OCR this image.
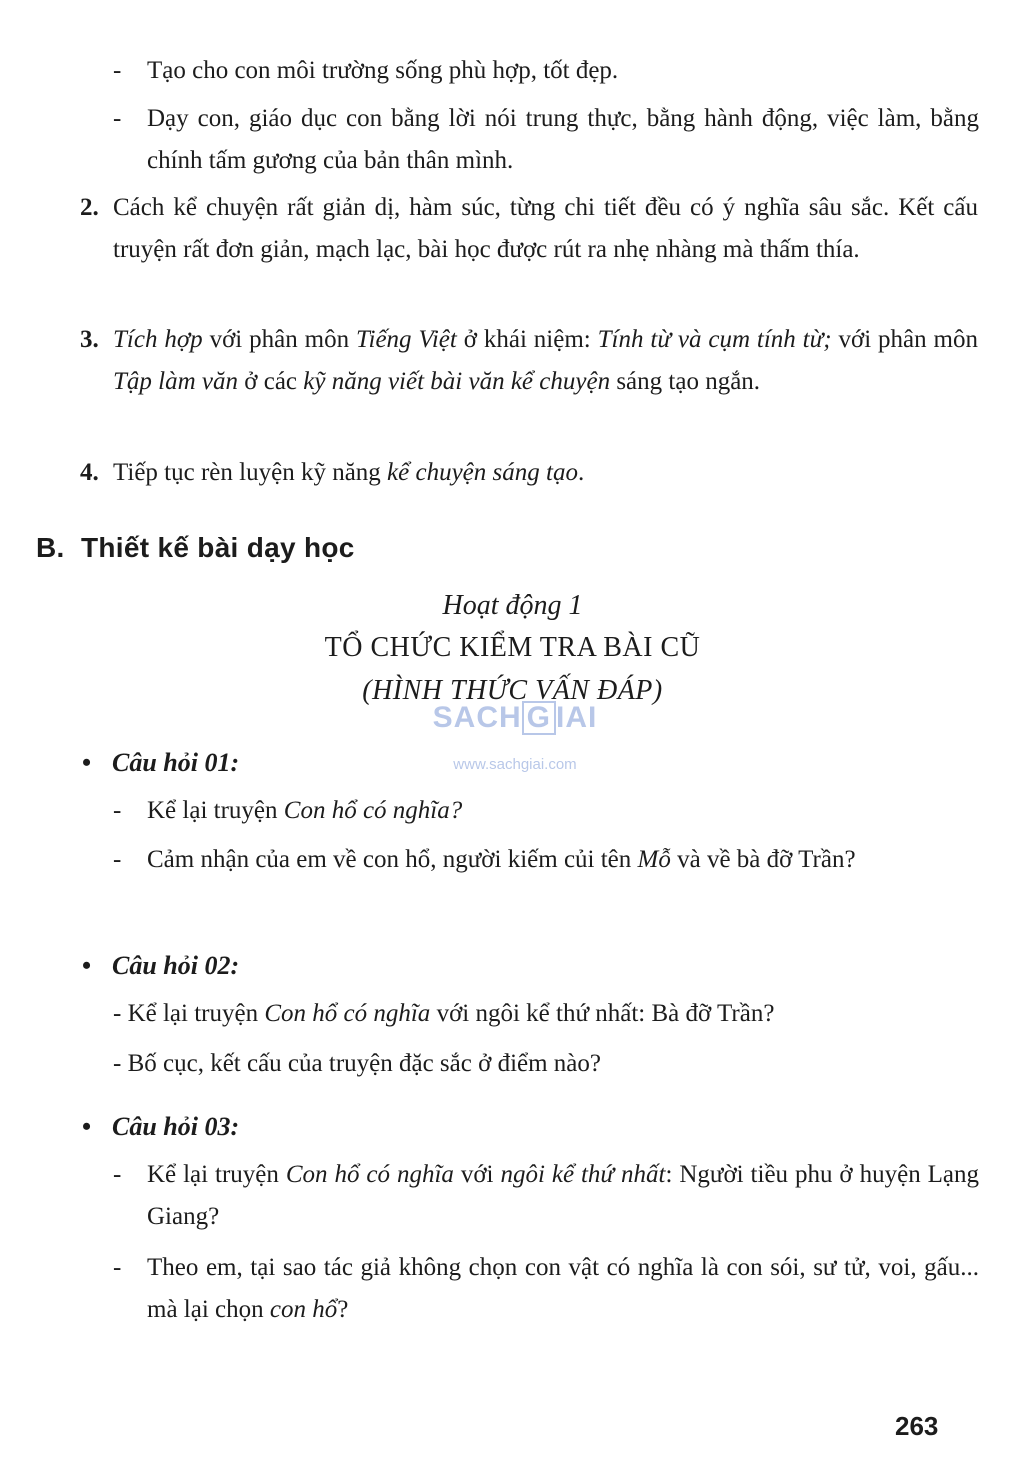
- Tạo cho con môi trường sống phù hợp, tốt đẹp.
- Dạy con, giáo dục con bằng lời nói trung thực, bằng hành động, việc làm, bằng chính tấm gương của bản thân mình.
2. Cách kể chuyện rất giản dị, hàm súc, từng chi tiết đều có ý nghĩa sâu sắc. Kết cấu truyện rất đơn giản, mạch lạc, bài học được rút ra nhẹ nhàng mà thấm thía.
3. Tích hợp với phân môn Tiếng Việt ở khái niệm: Tính từ và cụm tính từ; với phân môn Tập làm văn ở các kỹ năng viết bài văn kể chuyện sáng tạo ngắn.
4. Tiếp tục rèn luyện kỹ năng kể chuyện sáng tạo.
B. Thiết kế bài dạy học
Hoạt động 1
TỔ CHỨC KIỂM TRA BÀI CŨ
(HÌNH THỨC VẤN ĐÁP)
SACH G IAI
www.sachgiai.com
• Câu hỏi 01:
- Kể lại truyện Con hổ có nghĩa?
- Cảm nhận của em về con hổ, người kiếm củi tên Mỗ và về bà đỡ Trần?
• Câu hỏi 02:
- Kể lại truyện Con hổ có nghĩa với ngôi kể thứ nhất: Bà đỡ Trần?
- Bố cục, kết cấu của truyện đặc sắc ở điểm nào?
• Câu hỏi 03:
- Kể lại truyện Con hổ có nghĩa với ngôi kể thứ nhất: Người tiều phu ở huyện Lạng Giang?
- Theo em, tại sao tác giả không chọn con vật có nghĩa là con sói, sư tử, voi, gấu... mà lại chọn con hổ?
263
